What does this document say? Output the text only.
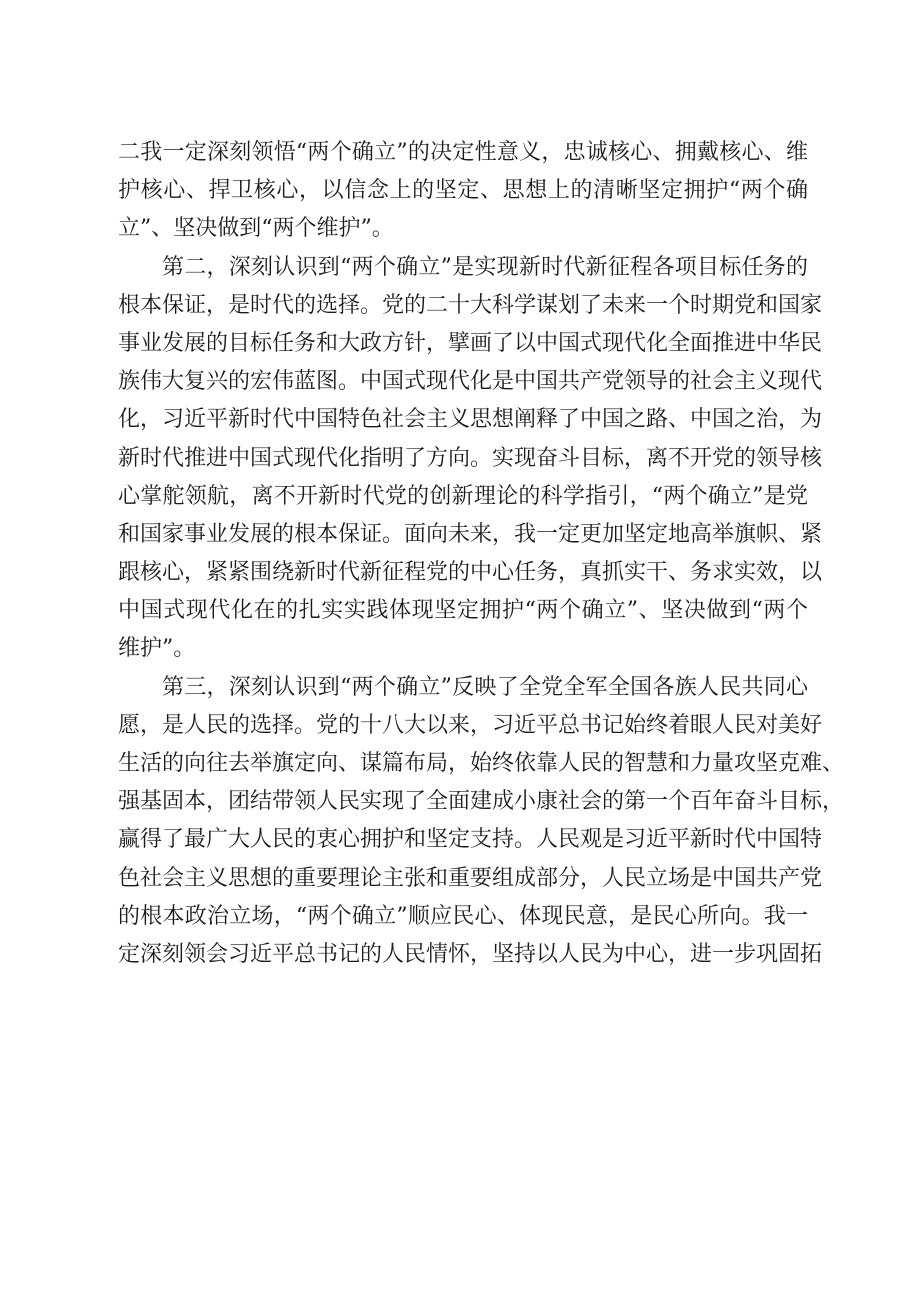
二我一定深刻领悟“两个确立”的决定性意义，忠诚核心、拥戴核心、维
护核心、捍卫核心，以信念上的坚定、思想上的清晰坚定拥护“两个确
立”、坚决做到“两个维护”。
第二，深刻认识到“两个确立”是实现新时代新征程各项目标任务的
根本保证，是时代的选择。党的二十大科学谋划了未来一个时期党和国家
事业发展的目标任务和大政方针，擘画了以中国式现代化全面推进中华民
族伟大复兴的宏伟蓝图。中国式现代化是中国共产党领导的社会主义现代
化，习近平新时代中国特色社会主义思想阐释了中国之路、中国之治，为
新时代推进中国式现代化指明了方向。实现奋斗目标，离不开党的领导核
心掌舵领航，离不开新时代党的创新理论的科学指引，“两个确立”是党
和国家事业发展的根本保证。面向未来，我一定更加坚定地高举旗帜、紧
跟核心，紧紧围绕新时代新征程党的中心任务，真抓实干、务求实效，以
中国式现代化在的扎实实践体现坚定拥护“两个确立”、坚决做到“两个
维护”。
第三，深刻认识到“两个确立”反映了全党全军全国各族人民共同心
愿，是人民的选择。党的十八大以来，习近平总书记始终着眼人民对美好
生活的向往去举旗定向、谋篇布局，始终依靠人民的智慧和力量攻坚克难、
强基固本，团结带领人民实现了全面建成小康社会的第一个百年奋斗目标，
赢得了最广大人民的衷心拥护和坚定支持。人民观是习近平新时代中国特
色社会主义思想的重要理论主张和重要组成部分，人民立场是中国共产党
的根本政治立场，“两个确立”顺应民心、体现民意，是民心所向。我一
定深刻领会习近平总书记的人民情怀，坚持以人民为中心，进一步巩固拓
